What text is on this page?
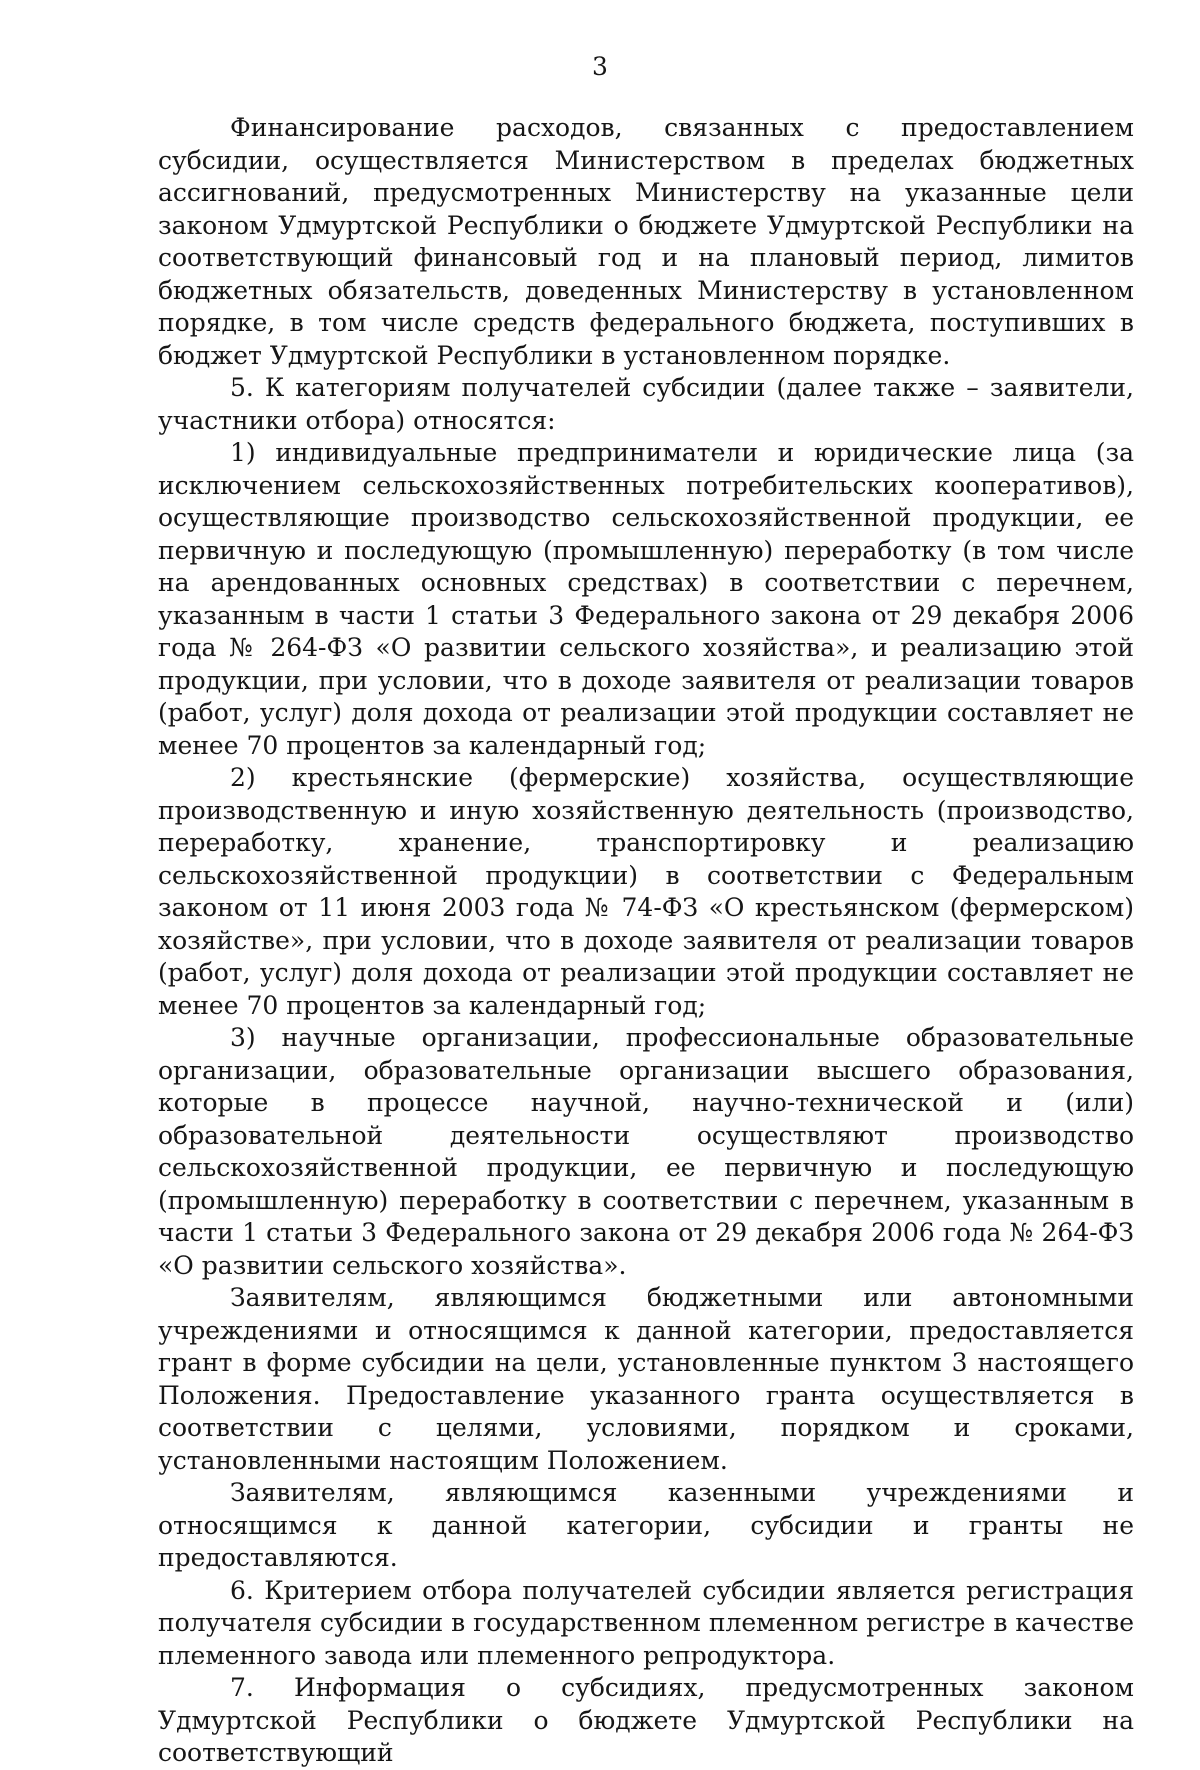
3

Финансирование расходов, связанных с предоставлением субсидии, осуществляется Министерством в пределах бюджетных ассигнований, предусмотренных Министерству на указанные цели законом Удмуртской Республики о бюджете Удмуртской Республики на соответствующий финансовый год и на плановый период, лимитов бюджетных обязательств, доведенных Министерству в установленном порядке, в том числе средств федерального бюджета, поступивших в бюджет Удмуртской Республики в установленном порядке.

5. К категориям получателей субсидии (далее также – заявители, участники отбора) относятся:

1) индивидуальные предприниматели и юридические лица (за исключением сельскохозяйственных потребительских кооперативов), осуществляющие производство сельскохозяйственной продукции, ее первичную и последующую (промышленную) переработку (в том числе на арендованных основных средствах) в соответствии с перечнем, указанным в части 1 статьи 3 Федерального закона от 29 декабря 2006 года № 264-ФЗ «О развитии сельского хозяйства», и реализацию этой продукции, при условии, что в доходе заявителя от реализации товаров (работ, услуг) доля дохода от реализации этой продукции составляет не менее 70 процентов за календарный год;

2) крестьянские (фермерские) хозяйства, осуществляющие производственную и иную хозяйственную деятельность (производство, переработку, хранение, транспортировку и реализацию сельскохозяйственной продукции) в соответствии с Федеральным законом от 11 июня 2003 года № 74-ФЗ «О крестьянском (фермерском) хозяйстве», при условии, что в доходе заявителя от реализации товаров (работ, услуг) доля дохода от реализации этой продукции составляет не менее 70 процентов за календарный год;

3) научные организации, профессиональные образовательные организации, образовательные организации высшего образования, которые в процессе научной, научно-технической и (или) образовательной деятельности осуществляют производство сельскохозяйственной продукции, ее первичную и последующую (промышленную) переработку в соответствии с перечнем, указанным в части 1 статьи 3 Федерального закона от 29 декабря 2006 года № 264-ФЗ «О развитии сельского хозяйства».

Заявителям, являющимся бюджетными или автономными учреждениями и относящимся к данной категории, предоставляется грант в форме субсидии на цели, установленные пунктом 3 настоящего Положения. Предоставление указанного гранта осуществляется в соответствии с целями, условиями, порядком и сроками, установленными настоящим Положением.

Заявителям, являющимся казенными учреждениями и относящимся к данной категории, субсидии и гранты не предоставляются.

6. Критерием отбора получателей субсидии является регистрация получателя субсидии в государственном племенном регистре в качестве племенного завода или племенного репродуктора.

7. Информация о субсидиях, предусмотренных законом Удмуртской Республики о бюджете Удмуртской Республики на соответствующий
